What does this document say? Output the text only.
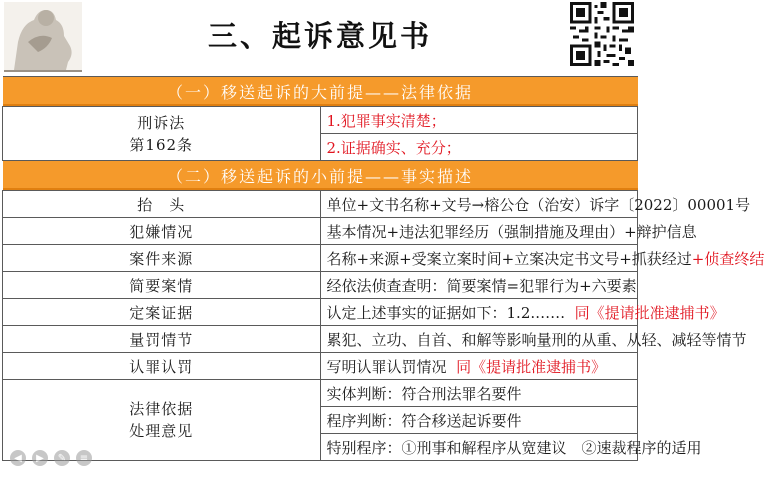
三、起诉意见书
（一）移送起诉的大前提——法律依据	

刑诉法
第162条	1.犯罪事实清楚；
	2.证据确实、充分；
（二）移送起诉的小前提——事实描述	
抬　头	单位+文书名称+文号→榕公仓（治安）诉字〔2022〕00001号
犯嫌情况	基本情况+违法犯罪经历（强制措施及理由）+辩护信息
案件来源	名称+来源+受案立案时间+立案决定书文号+抓获经过+侦查终结
简要案情	经依法侦查查明：简要案情=犯罪行为+六要素
定案证据	认定上述事实的证据如下：1.2.…… 同《提请批准逮捕书》
量罚情节	累犯、立功、自首、和解等影响量刑的从重、从轻、减轻等情节
认罪认罚	写明认罪认罚情况 同《提请批准逮捕书》

法律依据
处理意见	实体判断：符合刑法罪名要件
	程序判断：符合移送起诉要件
	特别程序：①刑事和解程序从宽建议　②速裁程序的适用
◀	▶	✎	≡
